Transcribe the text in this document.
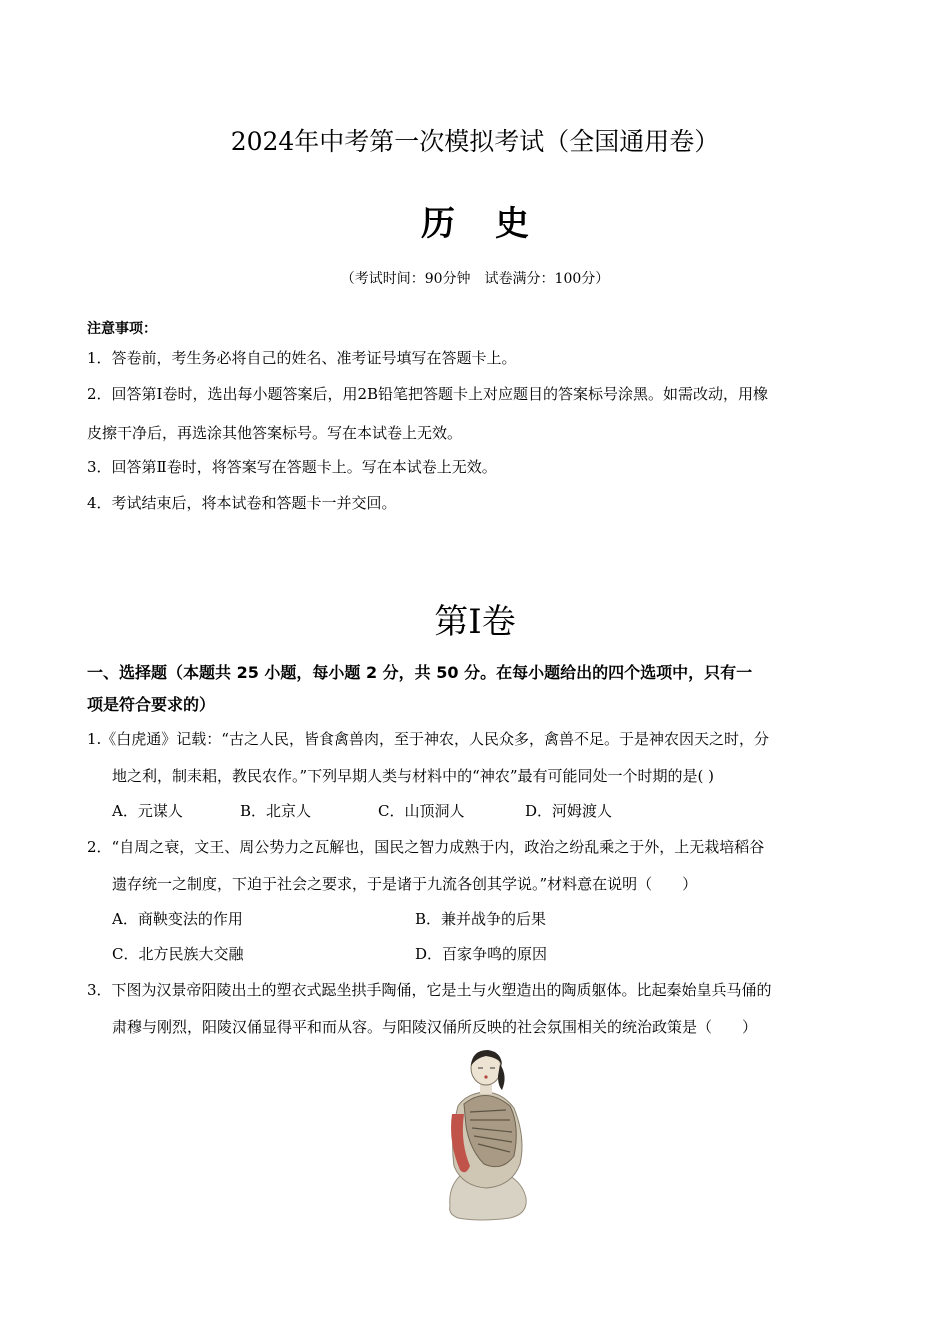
2024年中考第一次模拟考试（全国通用卷）
历史
（考试时间：90分钟　试卷满分：100分）
注意事项：
1．答卷前，考生务必将自己的姓名、准考证号填写在答题卡上。
2．回答第Ⅰ卷时，选出每小题答案后，用2B铅笔把答题卡上对应题目的答案标号涂黑。如需改动，用橡
皮擦干净后，再选涂其他答案标号。写在本试卷上无效。
3．回答第Ⅱ卷时，将答案写在答题卡上。写在本试卷上无效。
4．考试结束后，将本试卷和答题卡一并交回。
第Ⅰ卷
一、选择题（本题共 25 小题，每小题 2 分，共 50 分。在每小题给出的四个选项中，只有一
项是符合要求的）
1.《白虎通》记载：“古之人民，皆食禽兽肉，至于神农，人民众多，禽兽不足。于是神农因天之时，分
地之利，制耒耜，教民农作。”下列早期人类与材料中的“神农”最有可能同处一个时期的是( )
A．元谋人	B．北京人	C．山顶洞人	D．河姆渡人
2．“自周之衰，文王、周公势力之瓦解也，国民之智力成熟于内，政治之纷乱乘之于外，上无栽培稻谷
遗存统一之制度，下迫于社会之要求，于是诸于九流各创其学说。”材料意在说明（　　）
A．商鞅变法的作用	B．兼并战争的后果
C．北方民族大交融	D．百家争鸣的原因
3．下图为汉景帝阳陵出土的塑衣式跽坐拱手陶俑，它是土与火塑造出的陶质躯体。比起秦始皇兵马俑的
肃穆与刚烈，阳陵汉俑显得平和而从容。与阳陵汉俑所反映的社会氛围相关的统治政策是（　　）
